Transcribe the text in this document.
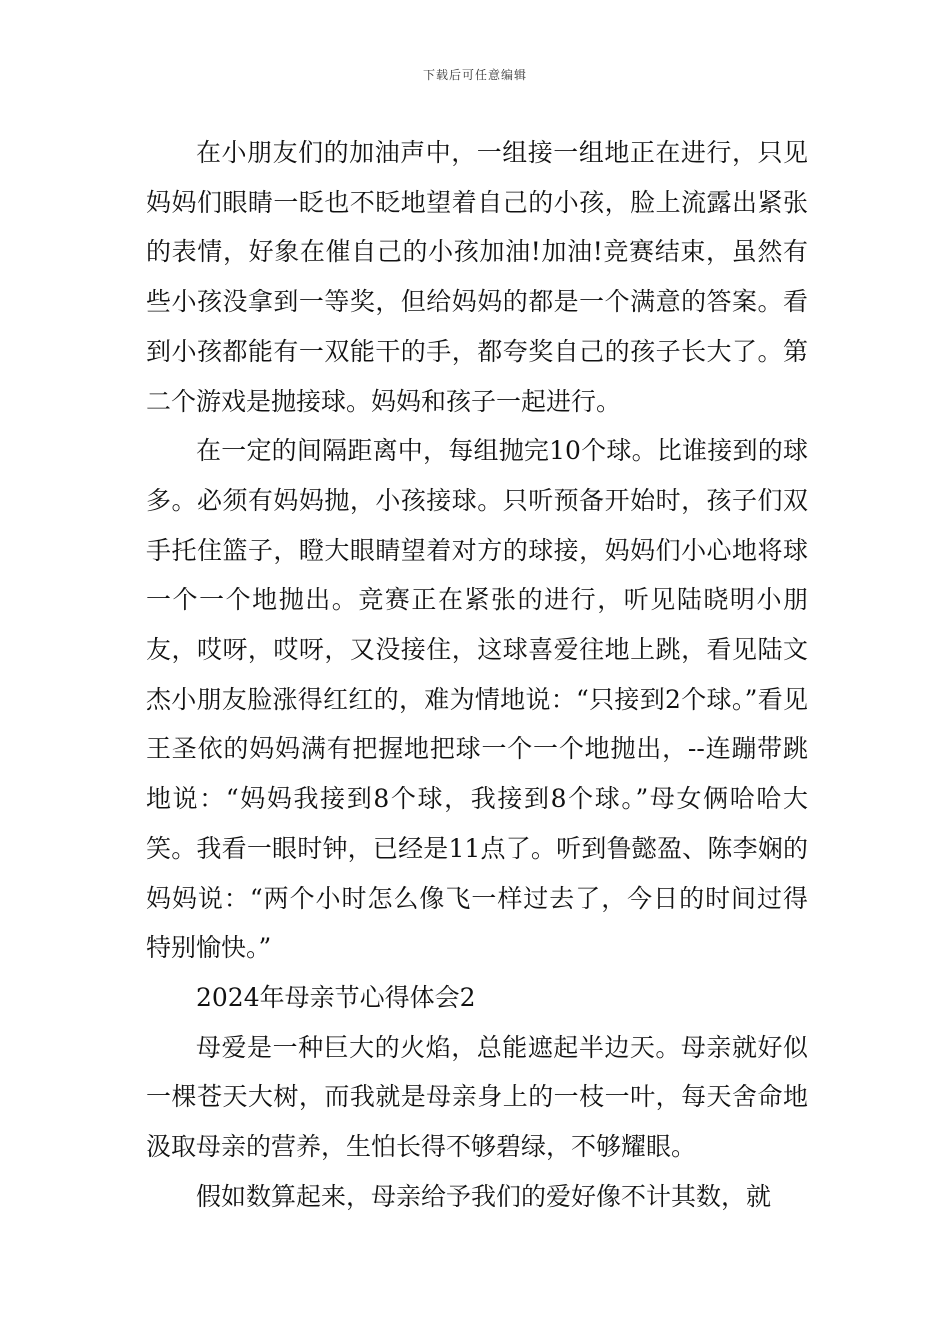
下载后可任意编辑

在小朋友们的加油声中，一组接一组地正在进行，只见妈妈们眼睛一眨也不眨地望着自己的小孩，脸上流露出紧张的表情，好象在催自己的小孩加油!加油!竞赛结束，虽然有些小孩没拿到一等奖，但给妈妈的都是一个满意的答案。看到小孩都能有一双能干的手，都夸奖自己的孩子长大了。第二个游戏是抛接球。妈妈和孩子一起进行。

在一定的间隔距离中，每组抛完10个球。比谁接到的球多。必须有妈妈抛，小孩接球。只听预备开始时，孩子们双手托住篮子，瞪大眼睛望着对方的球接，妈妈们小心地将球一个一个地抛出。竞赛正在紧张的进行，听见陆晓明小朋友，哎呀，哎呀，又没接住，这球喜爱往地上跳，看见陆文杰小朋友脸涨得红红的，难为情地说：“只接到2个球。”看见王圣依的妈妈满有把握地把球一个一个地抛出，--连蹦带跳地说：“妈妈我接到8个球，我接到8个球。”母女俩哈哈大笑。我看一眼时钟，已经是11点了。听到鲁懿盈、陈李娴的妈妈说：“两个小时怎么像飞一样过去了，今日的时间过得特别愉快。”

2024年母亲节心得体会2

母爱是一种巨大的火焰，总能遮起半边天。母亲就好似一棵苍天大树，而我就是母亲身上的一枝一叶，每天舍命地汲取母亲的营养，生怕长得不够碧绿，不够耀眼。

假如数算起来，母亲给予我们的爱好像不计其数，就
